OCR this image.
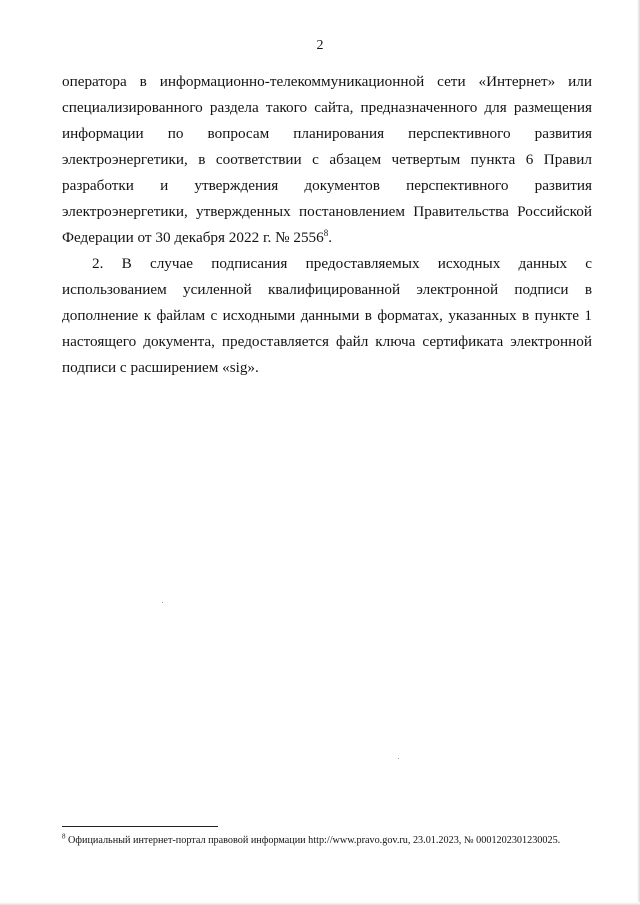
2
оператора в информационно-телекоммуникационной сети «Интернет» или
специализированного раздела такого сайта, предназначенного для размещения
информации по вопросам планирования перспективного развития
электроэнергетики, в соответствии с абзацем четвертым пункта 6 Правил
разработки и утверждения документов перспективного развития
электроэнергетики, утвержденных постановлением Правительства Российской
Федерации от 30 декабря 2022 г. № 2556$^8$.
2. В случае подписания предоставляемых исходных данных с
использованием усиленной квалифицированной электронной подписи в
дополнение к файлам с исходными данными в форматах, указанных в пункте 1
настоящего документа, предоставляется файл ключа сертификата электронной
подписи с расширением «sig».
$^8$ Официальный интернет-портал правовой информации http://www.pravo.gov.ru, 23.01.2023, № 0001202301230025.
